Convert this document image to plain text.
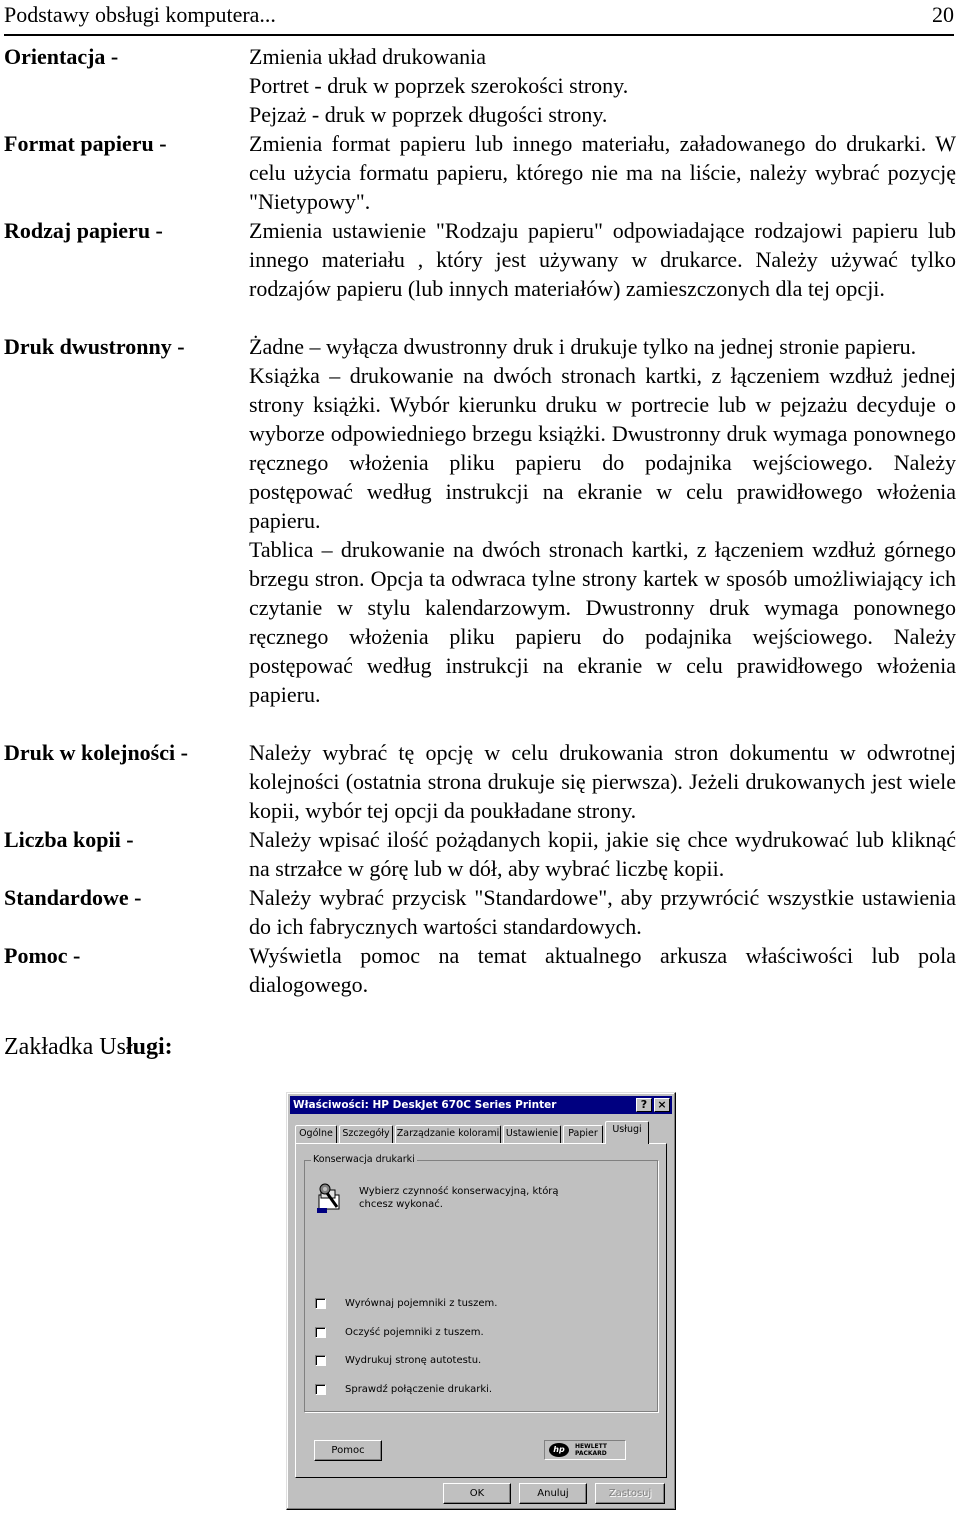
Podstawy obsługi komputera...	20
Orientacja -	Zmienia układ drukowania

Portret - druk w poprzek szerokości strony.

Pejzaż - druk w poprzek długości strony.

Format papieru -	Zmienia format papieru lub innego materiału, załadowanego do drukarki. W celu użycia formatu papieru, którego nie ma na liście, należy wybrać pozycję "Nietypowy".

Rodzaj papieru -	Zmienia ustawienie "Rodzaju papieru" odpowiadające rodzajowi papieru lub innego materiału , który jest używany w drukarce. Należy używać tylko rodzajów papieru (lub innych materiałów) zamieszczonych dla tej opcji.

Druk dwustronny -	Żadne – wyłącza dwustronny druk i drukuje tylko na jednej stronie papieru.

Książka – drukowanie na dwóch stronach kartki, z łączeniem wzdłuż jednej strony książki. Wybór kierunku druku w portrecie lub w pejzażu decyduje o wyborze odpowiedniego brzegu książki. Dwustronny druk wymaga ponownego ręcznego włożenia pliku papieru do podajnika wejściowego. Należy postępować według instrukcji na ekranie w celu prawidłowego włożenia papieru.

Tablica – drukowanie na dwóch stronach kartki, z łączeniem wzdłuż górnego brzegu stron. Opcja ta odwraca tylne strony kartek w sposób umożliwiający ich czytanie w stylu kalendarzowym. Dwustronny druk wymaga ponownego ręcznego włożenia pliku papieru do podajnika wejściowego. Należy postępować według instrukcji na ekranie w celu prawidłowego włożenia papieru.

Druk w kolejności -	Należy wybrać tę opcję w celu drukowania stron dokumentu w odwrotnej kolejności (ostatnia strona drukuje się pierwsza). Jeżeli drukowanych jest wiele kopii, wybór tej opcji da poukładane strony.

Liczba kopii -	Należy wpisać ilość pożądanych kopii, jakie się chce wydrukować lub kliknąć na strzałce w górę lub w dół, aby wybrać liczbę kopii.

Standardowe -	Należy wybrać przycisk "Standardowe", aby przywrócić wszystkie ustawienia do ich fabrycznych wartości standardowych.

Pomoc -	Wyświetla pomoc na temat aktualnego arkusza właściwości lub pola dialogowego.

Zakładka Usługi:
Właściwości: HP DeskJet 670C Series Printer	? ×
Ogólne Szczegóły Zarządzanie kolorami Ustawienie	Papier	Usługi
Konserwacja drukarki
Wybierz czynność konserwacyjną, którą chcesz wykonać.
Wyrównaj pojemniki z tuszem.
Oczyść pojemniki z tuszem.
Wydrukuj stronę autotestu.
Sprawdź połączenie drukarki.
Pomoc	hp	HEWLETT PACKARD
OK	Anuluj	Zastosuj
